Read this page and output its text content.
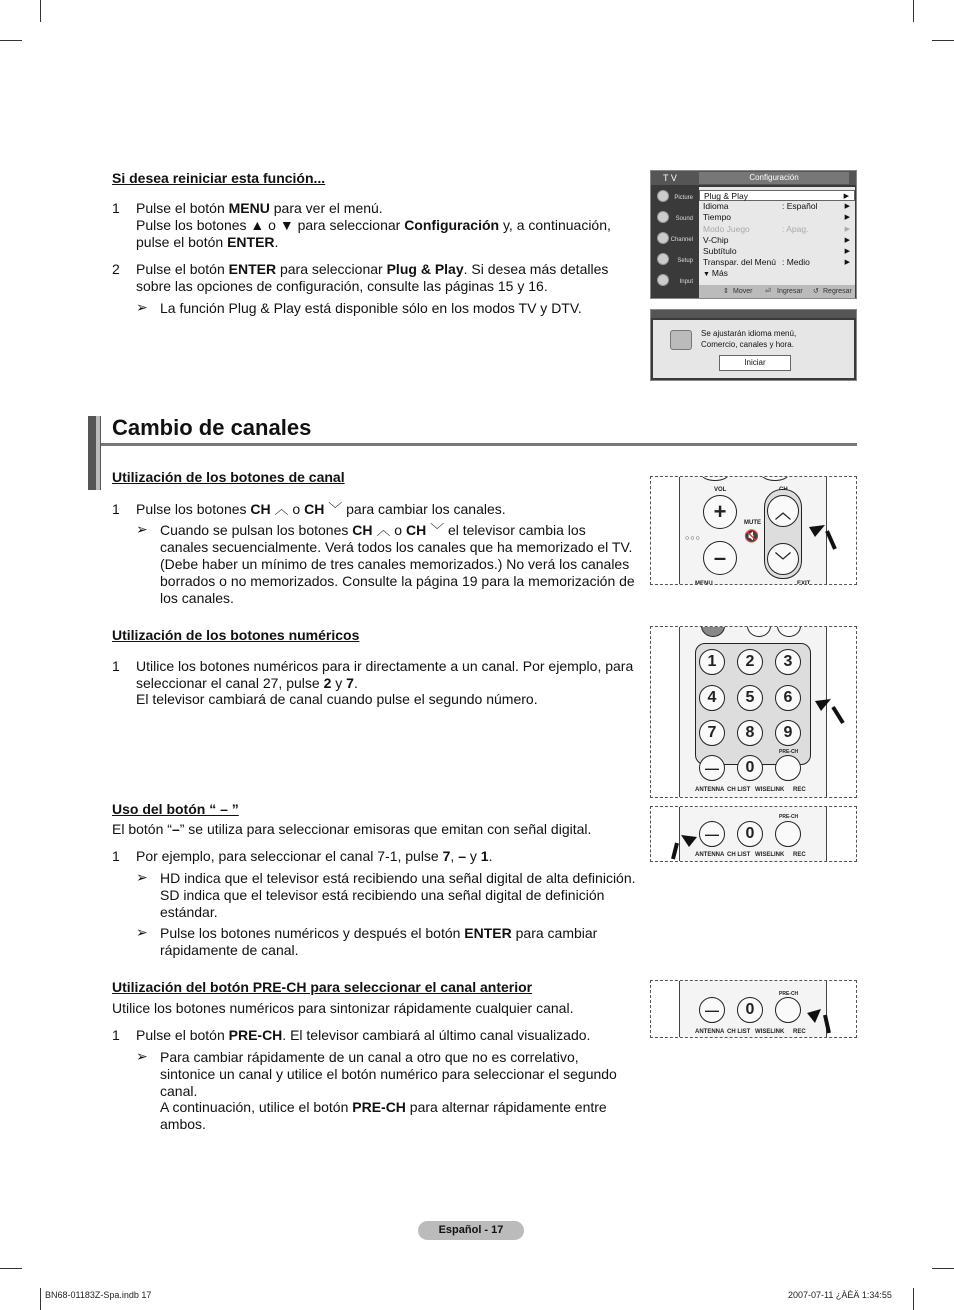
Si desea reiniciar esta función...
1 Pulse el botón MENU para ver el menú.
Pulse los botones ▲ o ▼ para seleccionar Configuración y, a continuación,
pulse el botón ENTER.
2 Pulse el botón ENTER para seleccionar Plug & Play. Si desea más detalles
sobre las opciones de configuración, consulte las páginas 15 y 16.
➢ La función Plug & Play está disponible sólo en los modos TV y DTV.
T V	Configuración
Picture
Sound
Channel
Setup
Input
Plug & Play	▶
Idioma	: Español	▶
Tiempo	▶
Modo Juego	: Apag.	▶
V-Chip	▶
Subtítulo	▶
Transpar. del Menú : Medio	▶
▼ Más
⇕ Mover ⏎ Ingresar ↺ Regresar
Se ajustarán idioma menú,
Comercio, canales y hora.
Iniciar
Cambio de canales
Utilización de los botones de canal
1 Pulse los botones CH ︿ o CH ﹀ para cambiar los canales.
➢ Cuando se pulsan los botones CH ︿ o CH ﹀ el televisor cambia los
canales secuencialmente. Verá todos los canales que ha memorizado el TV.
(Debe haber un mínimo de tres canales memorizados.) No verá los canales
borrados o no memorizados. Consulte la página 19 para la memorización de
los canales.
VOL
+
–
︿
﹀
MUTE
🔇
○○○
MENU	EXIT
Utilización de los botones numéricos
1 Utilice los botones numéricos para ir directamente a un canal. Por ejemplo, para
seleccionar el canal 27, pulse 2 y 7.
El televisor cambiará de canal cuando pulse el segundo número.
1	2	3
4	5	6
7	8	9
—	0
PRE-CH
ANTENNA CH LIST WISELINK REC
Uso del botón “ – ”
El botón “–” se utiliza para seleccionar emisoras que emitan con señal digital.
1 Por ejemplo, para seleccionar el canal 7-1, pulse 7, – y 1.
➢ HD indica que el televisor está recibiendo una señal digital de alta definición.
SD indica que el televisor está recibiendo una señal digital de definición
estándar.
➢ Pulse los botones numéricos y después el botón ENTER para cambiar
rápidamente de canal.
—	0
PRE-CH
ANTENNA CH LIST WISELINK REC
Utilización del botón PRE-CH para seleccionar el canal anterior
Utilice los botones numéricos para sintonizar rápidamente cualquier canal.
1 Pulse el botón PRE-CH. El televisor cambiará al último canal visualizado.
➢ Para cambiar rápidamente de un canal a otro que no es correlativo,
sintonice un canal y utilice el botón numérico para seleccionar el segundo
canal.
A continuación, utilice el botón PRE-CH para alternar rápidamente entre
ambos.
—	0
PRE-CH
ANTENNA CH LIST WISELINK REC
Español - 17
BN68-01183Z-Spa.indb 17	2007-07-11 ¿ÀÈÄ 1:34:55
